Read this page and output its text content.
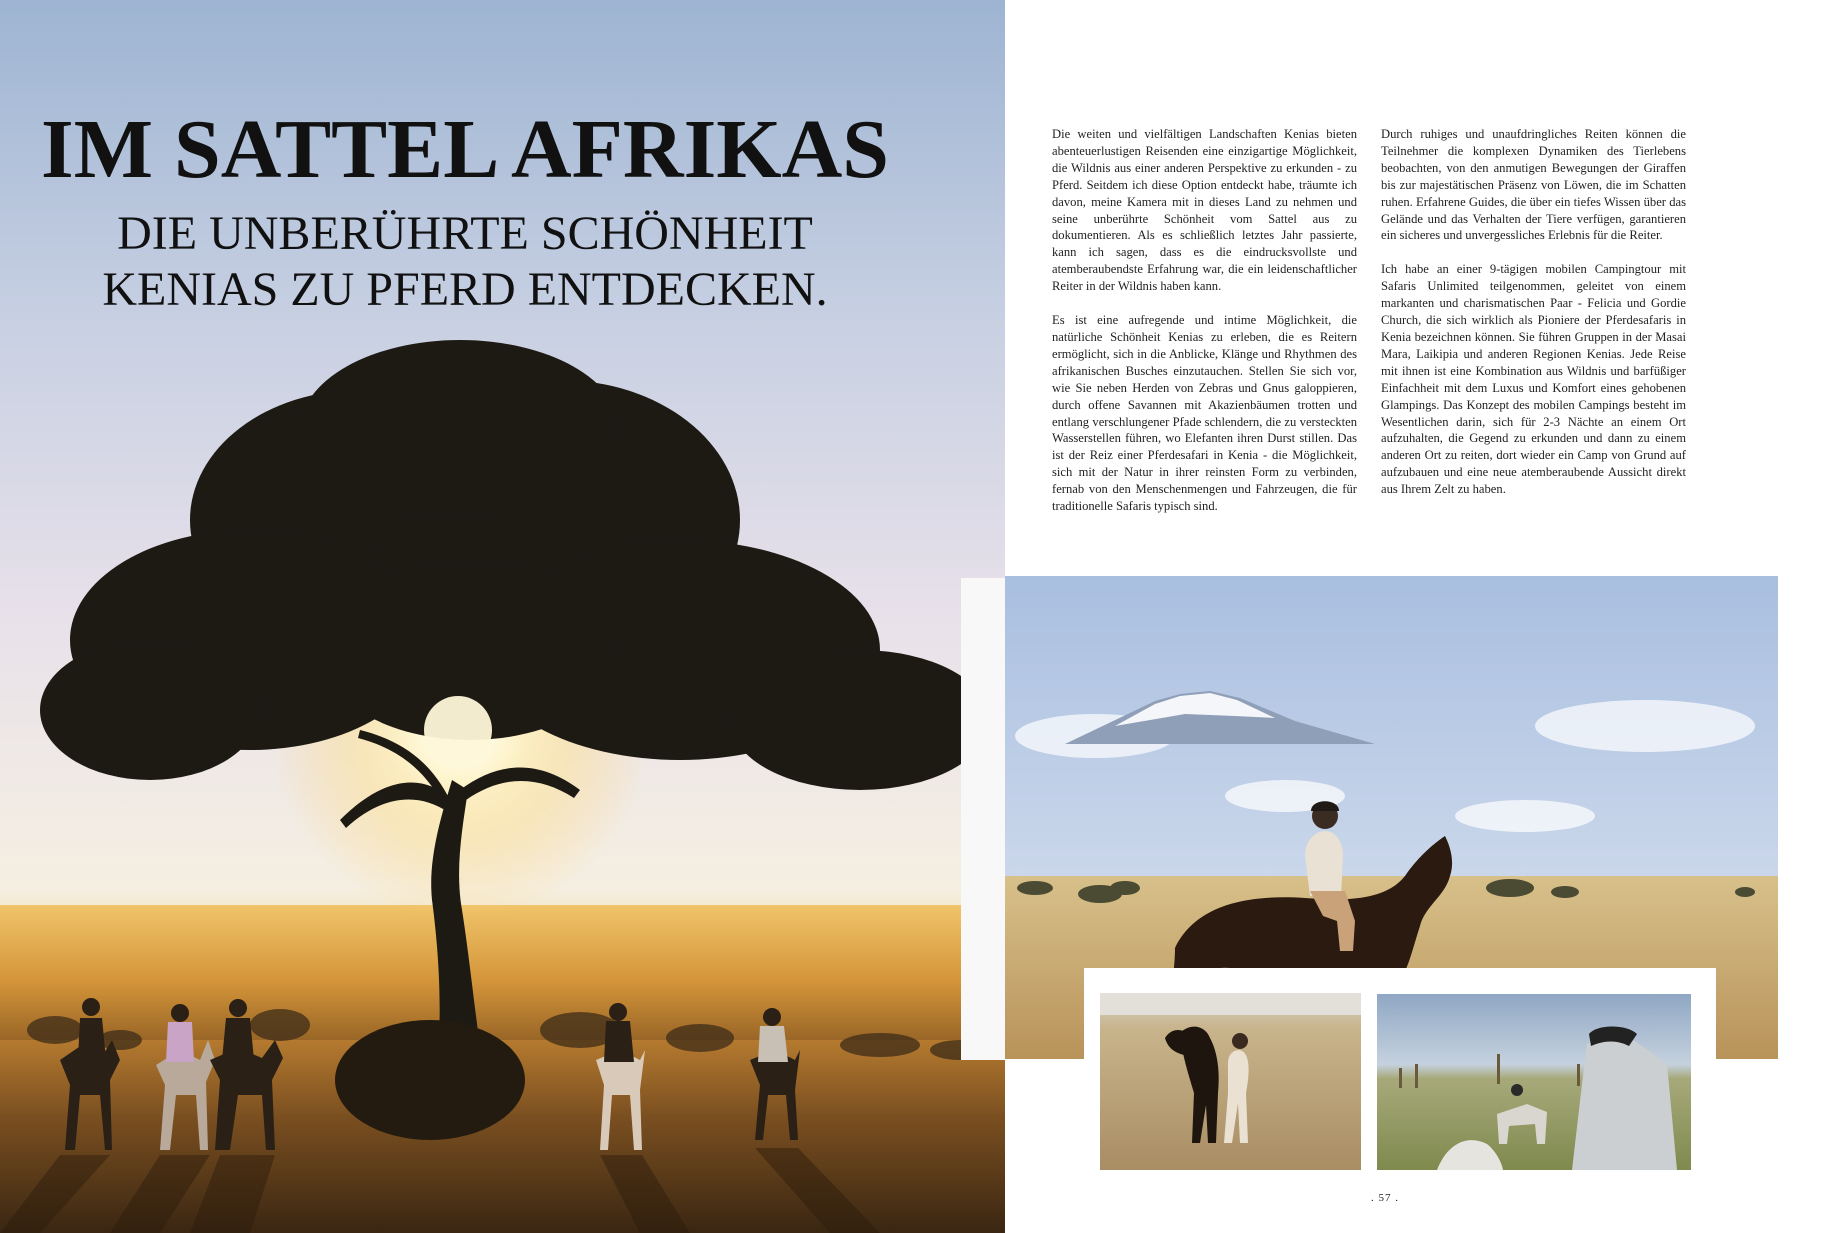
IM SATTEL AFRIKAS
DIE UNBERÜHRTE SCHÖNHEIT
KENIAS ZU PFERD ENTDECKEN.

Die weiten und vielfältigen Landschaften Kenias bieten abenteuerlustigen Reisenden eine einzigartige Möglichkeit, die Wildnis aus einer anderen Perspektive zu erkunden - zu Pferd. Seitdem ich diese Option entdeckt habe, träumte ich davon, meine Kamera mit in dieses Land zu nehmen und seine unberührte Schönheit vom Sattel aus zu dokumentieren. Als es schließlich letztes Jahr passierte, kann ich sagen, dass es die eindrucksvollste und atemberaubendste Erfahrung war, die ein leidenschaftlicher Reiter in der Wildnis haben kann.

Es ist eine aufregende und intime Möglichkeit, die natürliche Schönheit Kenias zu erleben, die es Reitern ermöglicht, sich in die Anblicke, Klänge und Rhythmen des afrikanischen Busches einzutauchen. Stellen Sie sich vor, wie Sie neben Herden von Zebras und Gnus galoppieren, durch offene Savannen mit Akazienbäumen trotten und entlang verschlungener Pfade schlendern, die zu versteckten Wasserstellen führen, wo Elefanten ihren Durst stillen. Das ist der Reiz einer Pferdesafari in Kenia - die Möglichkeit, sich mit der Natur in ihrer reinsten Form zu verbinden, fernab von den Menschenmengen und Fahrzeugen, die für traditionelle Safaris typisch sind.

Durch ruhiges und unaufdringliches Reiten können die Teilnehmer die komplexen Dynamiken des Tierlebens beobachten, von den anmutigen Bewegungen der Giraffen bis zur majestätischen Präsenz von Löwen, die im Schatten ruhen. Erfahrene Guides, die über ein tiefes Wissen über das Gelände und das Verhalten der Tiere verfügen, garantieren ein sicheres und unvergessliches Erlebnis für die Reiter.

Ich habe an einer 9-tägigen mobilen Campingtour mit Safaris Unlimited teilgenommen, geleitet von einem markanten und charismatischen Paar - Felicia und Gordie Church, die sich wirklich als Pioniere der Pferdesafaris in Kenia bezeichnen können. Sie führen Gruppen in der Masai Mara, Laikipia und anderen Regionen Kenias. Jede Reise mit ihnen ist eine Kombination aus Wildnis und barfüßiger Einfachheit mit dem Luxus und Komfort eines gehobenen Glampings. Das Konzept des mobilen Campings besteht im Wesentlichen darin, sich für 2-3 Nächte an einem Ort aufzuhalten, die Gegend zu erkunden und dann zu einem anderen Ort zu reiten, dort wieder ein Camp von Grund auf aufzubauen und eine neue atemberaubende Aussicht direkt aus Ihrem Zelt zu haben.

. 57 .
